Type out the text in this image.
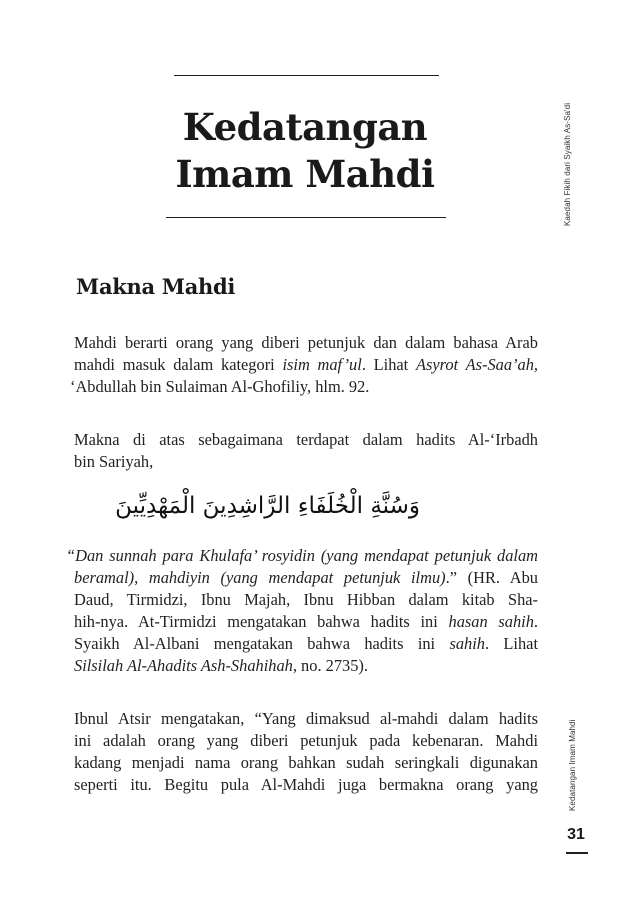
Kaedah Fikih dari Syaikh As-Sa'di
Kedatangan
Imam Mahdi
Makna Mahdi

Mahdi berarti orang yang diberi petunjuk dan dalam bahasa Arab
mahdi masuk dalam kategori isim maf’ul. Lihat Asyrot As-Saa’ah,
‘Abdullah bin Sulaiman Al-Ghofiliy, hlm. 92.

Makna di atas sebagaimana terdapat dalam hadits Al-‘Irbadh
bin Sariyah,

وَسُنَّةِ الْخُلَفَاءِ الرَّاشِدِينَ الْمَهْدِيِّينَ

“Dan sunnah para Khulafa’ rosyidin (yang mendapat petunjuk dalam
beramal), mahdiyin (yang mendapat petunjuk ilmu).” (HR. Abu
Daud, Tirmidzi, Ibnu Majah, Ibnu Hibban dalam kitab Sha-
hih-nya. At-Tirmidzi mengatakan bahwa hadits ini hasan sahih.
Syaikh Al-Albani mengatakan bahwa hadits ini sahih. Lihat
Silsilah Al-Ahadits Ash-Shahihah, no. 2735).

Kedatangan Imam Mahdi

Ibnul Atsir mengatakan, “Yang dimaksud al-mahdi dalam hadits
ini adalah orang yang diberi petunjuk pada kebenaran. Mahdi
kadang menjadi nama orang bahkan sudah seringkali digunakan
seperti itu. Begitu pula Al-Mahdi juga bermakna orang yang

31
